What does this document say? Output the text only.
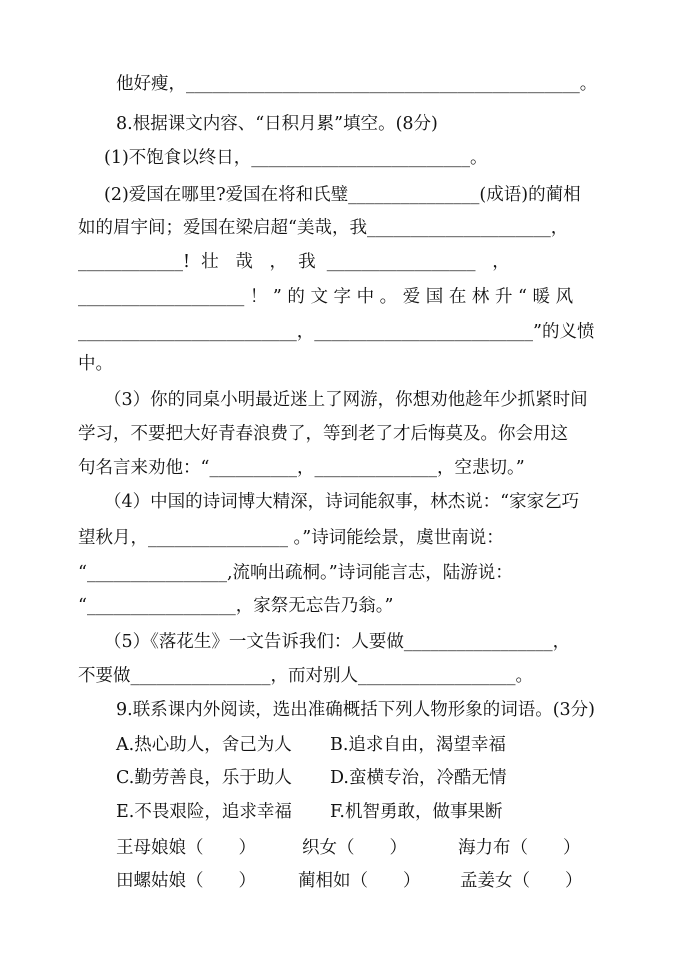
他好瘦，_____________________________________________。
8.根据课文内容、“日积月累”填空。(8分)
(1)不饱食以终日，_________________________。
(2)爱国在哪里?爱国在将和氏璧_______________(成语)的蔺相
如的眉宇间；爱国在梁启超“美哉，我_____________________，
____________!  壮   哉   ，  我  _________________   ，
___________________ ！ ” 的 文 字 中 。 爱 国 在 林 升 “ 暖 风
_________________________，_________________________”的义愤
中。
（3）你的同桌小明最近迷上了网游，你想劝他趁年少抓紧时间
学习，不要把大好青春浪费了，等到老了才后悔莫及。你会用这
句名言来劝他：“__________，______________，空悲切。”
（4）中国的诗词博大精深，诗词能叙事，林杰说：“家家乞巧
望秋月，________________ 。”诗词能绘景，虞世南说：
“________________,流响出疏桐。”诗词能言志，陆游说：
“_________________，家祭无忘告乃翁。”
（5）《落花生》一文告诉我们：人要做_________________，
不要做________________，而对别人__________________。
9.联系课内外阅读，选出准确概括下列人物形象的词语。(3分)
A.热心助人，舍己为人 B.追求自由，渴望幸福
C.勤劳善良，乐于助人 D.蛮横专治，冷酷无情
E.不畏艰险，追求幸福 F.机智勇敢，做事果断
王母娘娘（　　）	织女（　　）	海力布（　　）
田螺姑娘（　　） 蔺相如（　　） 孟姜女（　　）
